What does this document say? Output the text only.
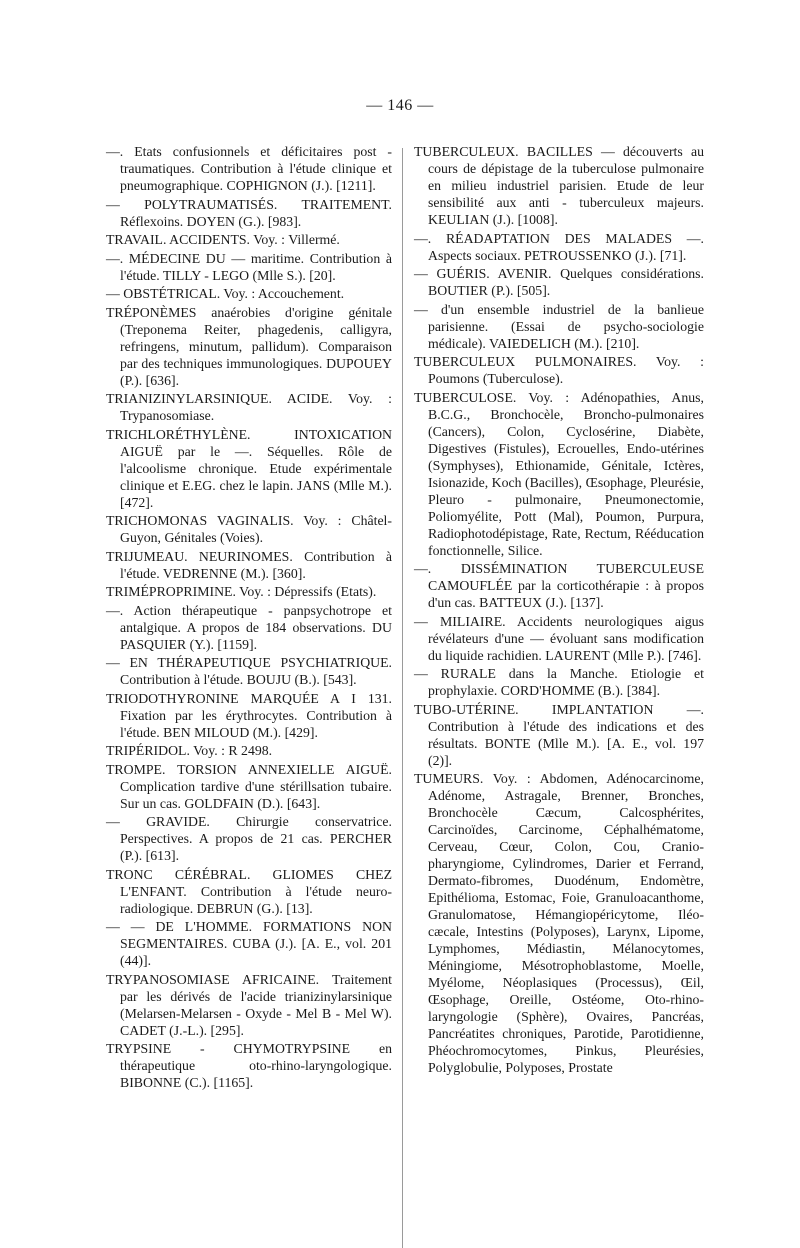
— 146 —

—. Etats confusionnels et déficitaires post - traumatiques. Contribution à l'étude clinique et pneumographique. COPHIGNON (J.). [1211].

— POLYTRAUMATISÉS. TRAITEMENT. Réflexoins. DOYEN (G.). [983].

TRAVAIL. ACCIDENTS. Voy. : Villermé.

—. MÉDECINE DU — maritime. Contribution à l'étude. TILLY - LEGO (Mlle S.). [20].

— OBSTÉTRICAL. Voy. : Accouchement.

TRÉPONÈMES anaérobies d'origine génitale (Treponema Reiter, phagedenis, calligyra, refringens, minutum, pallidum). Comparaison par des techniques immunologiques. DUPOUEY (P.). [636].

TRIANIZINYLARSINIQUE. ACIDE. Voy. : Trypanosomiase.

TRICHLORÉTHYLÈNE. INTOXICATION AIGUË par le —. Séquelles. Rôle de l'alcoolisme chronique. Etude expérimentale clinique et E.EG. chez le lapin. JANS (Mlle M.). [472].

TRICHOMONAS VAGINALIS. Voy. : Châtel-Guyon, Génitales (Voies).

TRIJUMEAU. NEURINOMES. Contribution à l'étude. VEDRENNE (M.). [360].

TRIMÉPROPRIMINE. Voy. : Dépressifs (Etats).

—. Action thérapeutique - panpsychotrope et antalgique. A propos de 184 observations. DU PASQUIER (Y.). [1159].

— EN THÉRAPEUTIQUE PSYCHIATRIQUE. Contribution à l'étude. BOUJU (B.). [543].

TRIODOTHYRONINE MARQUÉE A I 131. Fixation par les érythrocytes. Contribution à l'étude. BEN MILOUD (M.). [429].

TRIPÉRIDOL. Voy. : R 2498.

TROMPE. TORSION ANNEXIELLE AIGUË. Complication tardive d'une stérillsation tubaire. Sur un cas. GOLDFAIN (D.). [643].

— GRAVIDE. Chirurgie conservatrice. Perspectives. A propos de 21 cas. PERCHER (P.). [613].

TRONC CÉRÉBRAL. GLIOMES CHEZ L'ENFANT. Contribution à l'étude neuro-radiologique. DEBRUN (G.). [13].

— — DE L'HOMME. FORMATIONS NON SEGMENTAIRES. CUBA (J.). [A. E., vol. 201 (44)].

TRYPANOSOMIASE AFRICAINE. Traitement par les dérivés de l'acide trianizinylarsinique (Melarsen-Melarsen - Oxyde - Mel B - Mel W). CADET (J.-L.). [295].

TRYPSINE - CHYMOTRYPSINE en thérapeutique oto-rhino-laryngologique. BIBONNE (C.). [1165].

TUBERCULEUX. BACILLES — découverts au cours de dépistage de la tuberculose pulmonaire en milieu industriel parisien. Etude de leur sensibilité aux anti - tuberculeux majeurs. KEULIAN (J.). [1008].

—. RÉADAPTATION DES MALADES —. Aspects sociaux. PETROUSSENKO (J.). [71].

— GUÉRIS. AVENIR. Quelques considérations. BOUTIER (P.). [505].

— d'un ensemble industriel de la banlieue parisienne. (Essai de psycho-sociologie médicale). VAIEDELICH (M.). [210].

TUBERCULEUX PULMONAIRES. Voy. : Poumons (Tuberculose).

TUBERCULOSE. Voy. : Adénopathies, Anus, B.C.G., Bronchocèle, Broncho-pulmonaires (Cancers), Colon, Cyclosérine, Diabète, Digestives (Fistules), Ecrouelles, Endo-utérines (Symphyses), Ethionamide, Génitale, Ictères, Isionazide, Koch (Bacilles), Œsophage, Pleurésie, Pleuro - pulmonaire, Pneumonectomie, Poliomyélite, Pott (Mal), Poumon, Purpura, Radiophotodépistage, Rate, Rectum, Rééducation fonctionnelle, Silice.

—. DISSÉMINATION TUBERCULEUSE CAMOUFLÉE par la corticothérapie : à propos d'un cas. BATTEUX (J.). [137].

— MILIAIRE. Accidents neurologiques aigus révélateurs d'une — évoluant sans modification du liquide rachidien. LAURENT (Mlle P.). [746].

— RURALE dans la Manche. Etiologie et prophylaxie. CORD'HOMME (B.). [384].

TUBO-UTÉRINE. IMPLANTATION —. Contribution à l'étude des indications et des résultats. BONTE (Mlle M.). [A. E., vol. 197 (2)].

TUMEURS. Voy. : Abdomen, Adénocarcinome, Adénome, Astragale, Brenner, Bronches, Bronchocèle Cæcum, Calcosphérites, Carcinoïdes, Carcinome, Céphalhématome, Cerveau, Cœur, Colon, Cou, Cranio-pharyngiome, Cylindromes, Darier et Ferrand, Dermato-fibromes, Duodénum, Endomètre, Epithélioma, Estomac, Foie, Granuloacanthome, Granulomatose, Hémangiopéricytome, Iléo-cæcale, Intestins (Polyposes), Larynx, Lipome, Lymphomes, Médiastin, Mélanocytomes, Méningiome, Mésotrophoblastome, Moelle, Myélome, Néoplasiques (Processus), Œil, Œsophage, Oreille, Ostéome, Oto-rhino-laryngologie (Sphère), Ovaires, Pancréas, Pancréatites chroniques, Parotide, Parotidienne, Phéochromocytomes, Pinkus, Pleurésies, Polyglobulie, Polyposes, Prostate
